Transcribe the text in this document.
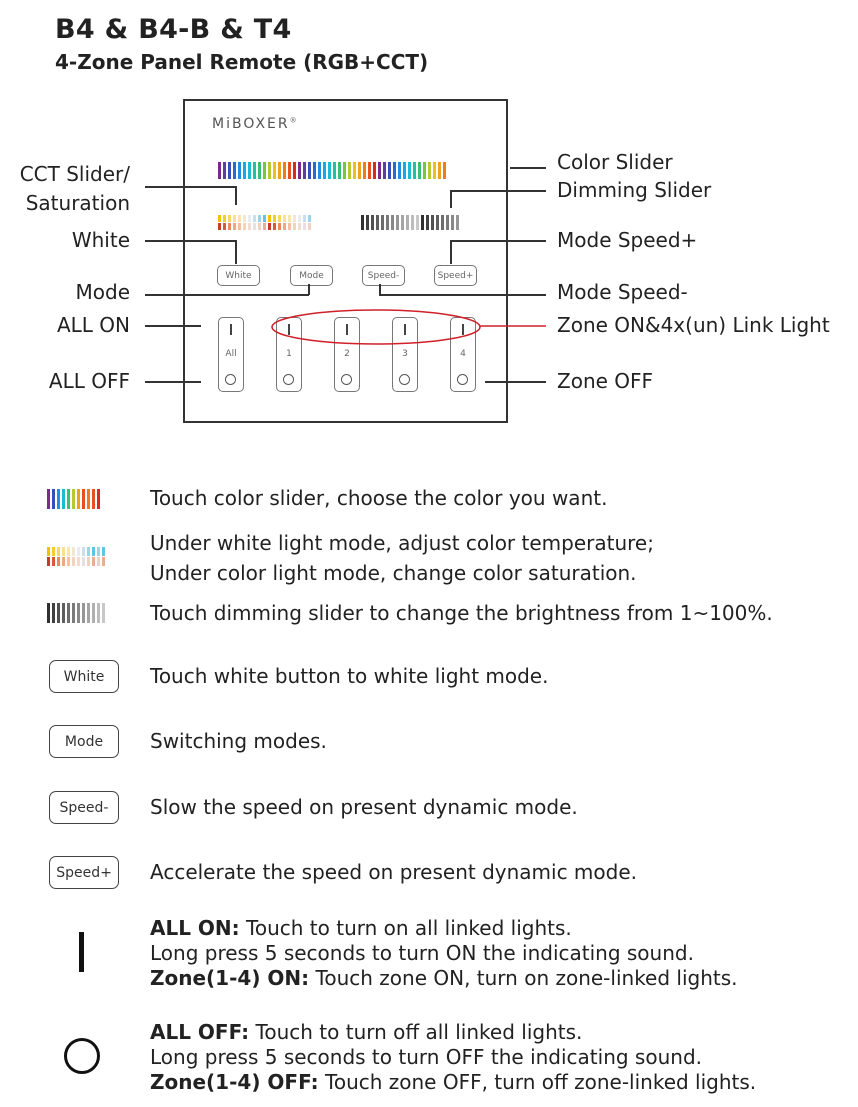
B4 & B4-B & T4
4-Zone Panel Remote (RGB+CCT)
MiBOXER®
White	Mode	Speed-	Speed+
All	1	2	3	4
CCT Slider/
Saturation
White
Mode
ALL ON
ALL OFF
Color Slider
Dimming Slider
Mode Speed+
Mode Speed-
Zone ON&4x(un) Link Light
Zone OFF
Touch color slider, choose the color you want.
Under white light mode, adjust color temperature;
Under color light mode, change color saturation.
Touch dimming slider to change the brightness from 1~100%.
White	Touch white button to white light mode.
Mode	Switching modes.
Speed-	Slow the speed on present dynamic mode.
Speed+	Accelerate the speed on present dynamic mode.
ALL ON: Touch to turn on all linked lights.
Long press 5 seconds to turn ON the indicating sound.
Zone(1-4) ON: Touch zone ON, turn on zone-linked lights.
ALL OFF: Touch to turn off all linked lights.
Long press 5 seconds to turn OFF the indicating sound.
Zone(1-4) OFF: Touch zone OFF, turn off zone-linked lights.
